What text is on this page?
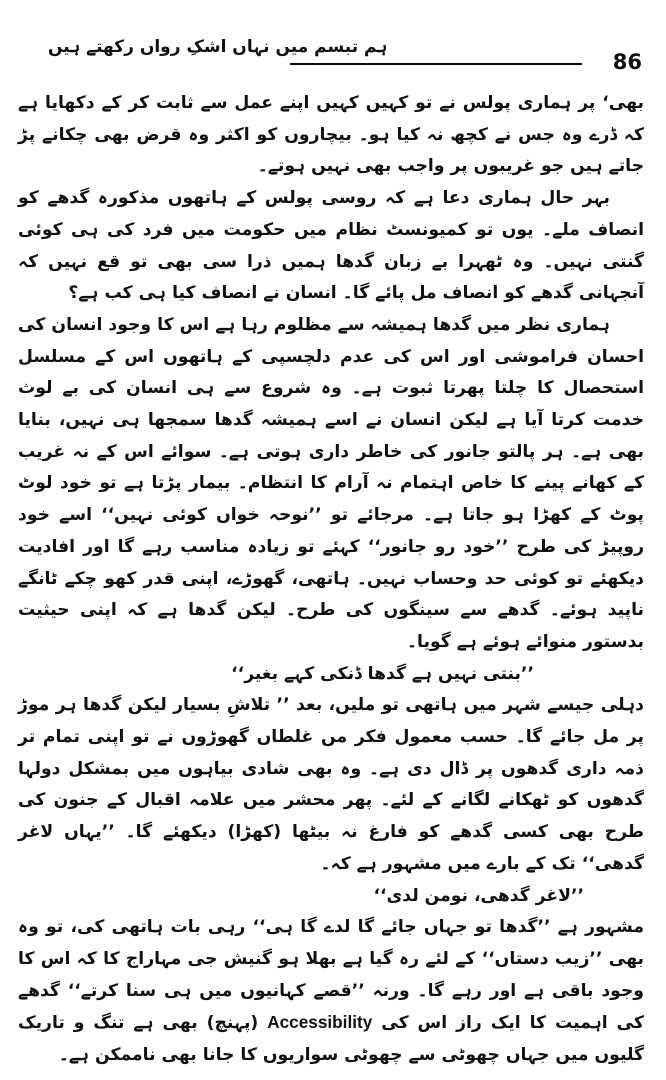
ہم تبسم میں نہاں اشکِ رواں رکھتے ہیں
86

بھی‘ پر ہماری پولس نے تو کہیں کہیں اپنے عمل سے ثابت کر کے دکھایا ہے کہ ڈرے وہ جس نے کچھ نہ کیا ہو۔ بیچاروں کو اکثر وہ قرض بھی چکانے پڑ جاتے ہیں جو غریبوں پر واجب بھی نہیں ہوتے۔

بہر حال ہماری دعا ہے کہ روسی پولس کے ہاتھوں مذکورہ گدھے کو انصاف ملے۔ یوں تو کمیونسٹ نظام میں حکومت میں فرد کی ہی کوئی گنتی نہیں۔ وہ ٹھہرا بے زبان گدھا ہمیں ذرا سی بھی تو قع نہیں کہ آنجہانی گدھے کو انصاف مل پائے گا۔ انسان نے انصاف کیا ہی کب ہے؟

ہماری نظر میں گدھا ہمیشہ سے مظلوم رہا ہے اس کا وجود انسان کی احسان فراموشی اور اس کی عدم دلچسپی کے ہاتھوں اس کے مسلسل استحصال کا چلتا پھرتا ثبوت ہے۔ وہ شروع سے ہی انسان کی بے لوث خدمت کرتا آیا ہے لیکن انسان نے اسے ہمیشہ گدھا سمجھا ہی نہیں، بنایا بھی ہے۔ ہر پالتو جانور کی خاطر داری ہوتی ہے۔ سوائے اس کے نہ غریب کے کھانے پینے کا خاص اہتمام نہ آرام کا انتظام۔ بیمار پڑتا ہے تو خود لوٹ پوٹ کے کھڑا ہو جاتا ہے۔ مرجائے تو ’’نوحہ خواں کوئی نہیں‘‘ اسے خود روپیڑ کی طرح ’’خود رو جانور‘‘ کہئے تو زیادہ مناسب رہے گا اور افادیت دیکھئے تو کوئی حد وحساب نہیں۔ ہاتھی، گھوڑے، اپنی قدر کھو چکے ٹانگے ناپید ہوئے۔ گدھے سے سینگوں کی طرح۔ لیکن گدھا ہے کہ اپنی حیثیت بدستور منوائے ہوئے ہے گویا۔

’’بنتی نہیں ہے گدھا ڈنکی کہے بغیر‘‘

دہلی جیسے شہر میں ہاتھی تو ملیں، بعد ’’ تلاشِ بسیار لیکن گدھا ہر موڑ پر مل جائے گا۔ حسب معمول فکر مں غلطاں گھوڑوں نے تو اپنی تمام تر ذمہ داری گدھوں پر ڈال دی ہے۔ وہ بھی شادی بیاہوں میں بمشکل دولہا گدھوں کو ٹھکانے لگانے کے لئے۔ پھر محشر میں علامہ اقبال کے جنون کی طرح بھی کسی گدھے کو فارغ نہ بیٹھا (کھڑا) دیکھئے گا۔ ’’یہاں لاغر گدھی‘‘ تک کے بارے میں مشہور ہے کہ۔

’’لاغر گدھی، نومن لدی‘‘

مشہور ہے ’’گدھا تو جہاں جائے گا لدے گا ہی‘‘ رہی بات ہاتھی کی، تو وہ بھی ’’زیب دستاں‘‘ کے لئے رہ گیا ہے بھلا ہو گنیش جی مہاراج کا کہ اس کا وجود باقی ہے اور رہے گا۔ ورنہ ’’قصے کہانیوں میں ہی سنا کرتے‘‘ گدھے کی اہمیت کا ایک راز اس کی Accessibility (پہنچ) بھی ہے تنگ و تاریک گلیوں میں جہاں چھوٹی سے چھوٹی سواریوں کا جانا بھی ناممکن ہے۔
